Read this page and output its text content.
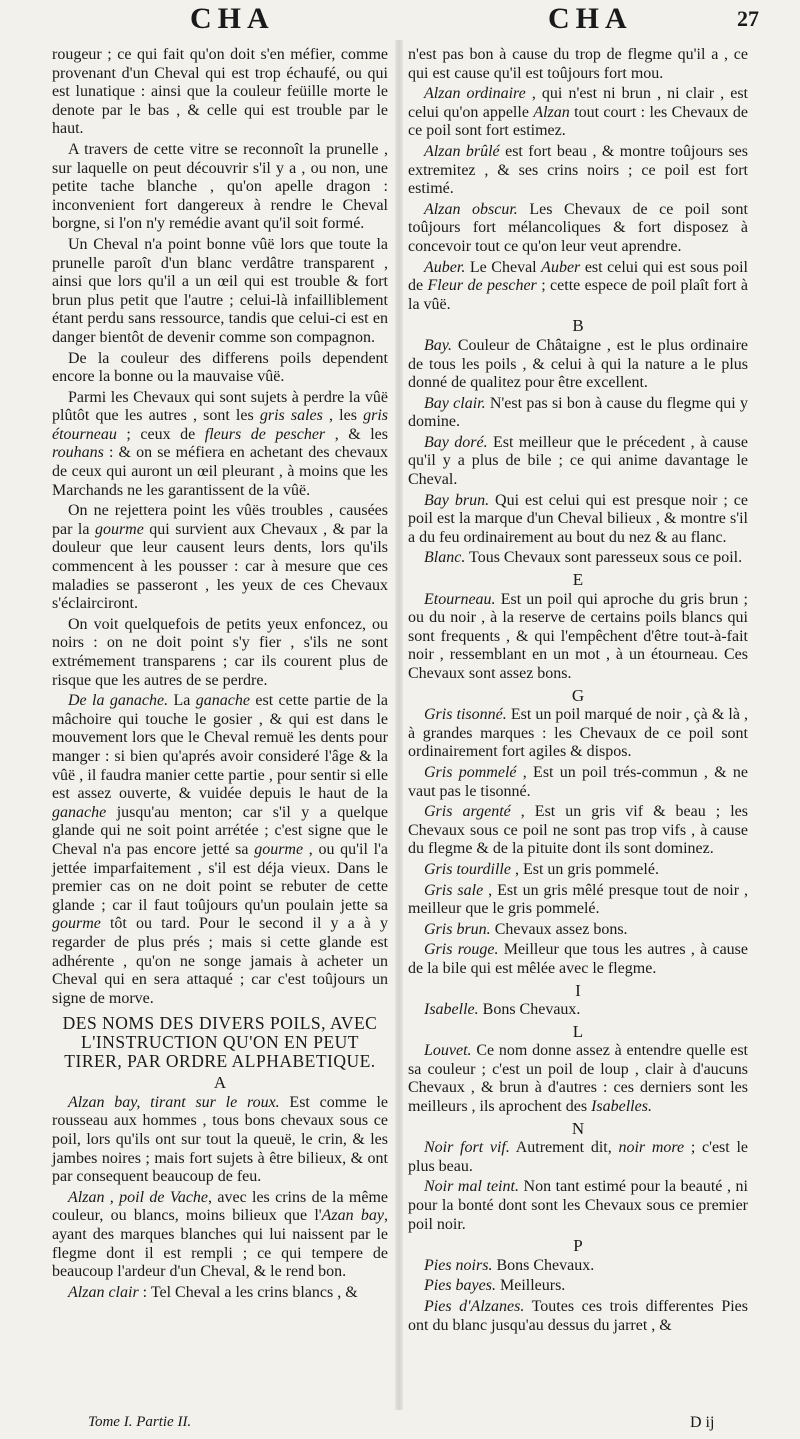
CHA	CHA	27

rougeur ; ce qui fait qu'on doit s'en méfier, comme provenant d'un Cheval qui est trop échaufé, ou qui est lunatique : ainsi que la couleur feüille morte le denote par le bas , & celle qui est trouble par le haut.

A travers de cette vitre se reconnoît la prunelle , sur laquelle on peut découvrir s'il y a , ou non, une petite tache blanche , qu'on apelle dragon : inconvenient fort dangereux à rendre le Cheval borgne, si l'on n'y remédie avant qu'il soit formé.

Un Cheval n'a point bonne vûë lors que toute la prunelle paroît d'un blanc verdâtre transparent , ainsi que lors qu'il a un œil qui est trouble & fort brun plus petit que l'autre ; celui-là infailliblement étant perdu sans ressource, tandis que celui-ci est en danger bientôt de devenir comme son compagnon.

De la couleur des differens poils dependent encore la bonne ou la mauvaise vûë.

Parmi les Chevaux qui sont sujets à perdre la vûë plûtôt que les autres , sont les gris sales , les gris étourneau ; ceux de fleurs de pescher , & les rouhans : & on se méfiera en achetant des chevaux de ceux qui auront un œil pleurant , à moins que les Marchands ne les garantissent de la vûë.

On ne rejettera point les vûës troubles , causées par la gourme qui survient aux Chevaux , & par la douleur que leur causent leurs dents, lors qu'ils commencent à les pousser : car à mesure que ces maladies se passeront , les yeux de ces Chevaux s'éclairciront.

On voit quelquefois de petits yeux enfoncez, ou noirs : on ne doit point s'y fier , s'ils ne sont extrémement transparens ; car ils courent plus de risque que les autres de se perdre.

De la ganache. La ganache est cette partie de la mâchoire qui touche le gosier , & qui est dans le mouvement lors que le Cheval remuë les dents pour manger : si bien qu'aprés avoir consideré l'âge & la vûë , il faudra manier cette partie , pour sentir si elle est assez ouverte, & vuidée depuis le haut de la ganache jusqu'au menton; car s'il y a quelque glande qui ne soit point arrétée ; c'est signe que le Cheval n'a pas encore jetté sa gourme , ou qu'il l'a jettée imparfaitement , s'il est déja vieux. Dans le premier cas on ne doit point se rebuter de cette glande ; car il faut toûjours qu'un poulain jette sa gourme tôt ou tard. Pour le second il y a à y regarder de plus prés ; mais si cette glande est adhérente , qu'on ne songe jamais à acheter un Cheval qui en sera attaqué ; car c'est toûjours un signe de morve.

DES NOMS DES DIVERS POILS, AVEC L'INSTRUCTION QU'ON EN PEUT TIRER, PAR ORDRE ALPHABETIQUE.
A

Alzan bay, tirant sur le roux. Est comme le rousseau aux hommes , tous bons chevaux sous ce poil, lors qu'ils ont sur tout la queuë, le crin, & les jambes noires ; mais fort sujets à être bilieux, & ont par consequent beaucoup de feu.

Alzan , poil de Vache, avec les crins de la même couleur, ou blancs, moins bilieux que l'Azan bay, ayant des marques blanches qui lui naissent par le flegme dont il est rempli ; ce qui tempere de beaucoup l'ardeur d'un Cheval, & le rend bon.

Alzan clair : Tel Cheval a les crins blancs , &

n'est pas bon à cause du trop de flegme qu'il a , ce qui est cause qu'il est toûjours fort mou.

Alzan ordinaire , qui n'est ni brun , ni clair , est celui qu'on appelle Alzan tout court : les Chevaux de ce poil sont fort estimez.

Alzan brûlé est fort beau , & montre toûjours ses extremitez , & ses crins noirs ; ce poil est fort estimé.

Alzan obscur. Les Chevaux de ce poil sont toûjours fort mélancoliques & fort disposez à concevoir tout ce qu'on leur veut aprendre.

Auber. Le Cheval Auber est celui qui est sous poil de Fleur de pescher ; cette espece de poil plaît fort à la vûë.

B

Bay. Couleur de Châtaigne , est le plus ordinaire de tous les poils , & celui à qui la nature a le plus donné de qualitez pour être excellent.

Bay clair. N'est pas si bon à cause du flegme qui y domine.

Bay doré. Est meilleur que le précedent , à cause qu'il y a plus de bile ; ce qui anime davantage le Cheval.

Bay brun. Qui est celui qui est presque noir ; ce poil est la marque d'un Cheval bilieux , & montre s'il a du feu ordinairement au bout du nez & au flanc.

Blanc. Tous Chevaux sont paresseux sous ce poil.

E

Etourneau. Est un poil qui aproche du gris brun ; ou du noir , à la reserve de certains poils blancs qui sont frequents , & qui l'empêchent d'être tout-à-fait noir , ressemblant en un mot , à un étourneau. Ces Chevaux sont assez bons.

G

Gris tisonné. Est un poil marqué de noir , çà & là , à grandes marques : les Chevaux de ce poil sont ordinairement fort agiles & dispos.

Gris pommelé , Est un poil trés-commun , & ne vaut pas le tisonné.

Gris argenté , Est un gris vif & beau ; les Chevaux sous ce poil ne sont pas trop vifs , à cause du flegme & de la pituite dont ils sont dominez.

Gris tourdille , Est un gris pommelé.

Gris sale , Est un gris mêlé presque tout de noir , meilleur que le gris pommelé.

Gris brun. Chevaux assez bons.

Gris rouge. Meilleur que tous les autres , à cause de la bile qui est mêlée avec le flegme.

I

Isabelle. Bons Chevaux.

L

Louvet. Ce nom donne assez à entendre quelle est sa couleur ; c'est un poil de loup , clair à d'aucuns Chevaux , & brun à d'autres : ces derniers sont les meilleurs , ils aprochent des Isabelles.

N

Noir fort vif. Autrement dit, noir more ; c'est le plus beau.

Noir mal teint. Non tant estimé pour la beauté , ni pour la bonté dont sont les Chevaux sous ce premier poil noir.

P

Pies noirs. Bons Chevaux.

Pies bayes. Meilleurs.

Pies d'Alzanes. Toutes ces trois differentes Pies ont du blanc jusqu'au dessus du jarret , &

Tome I. Partie II.	D ij
